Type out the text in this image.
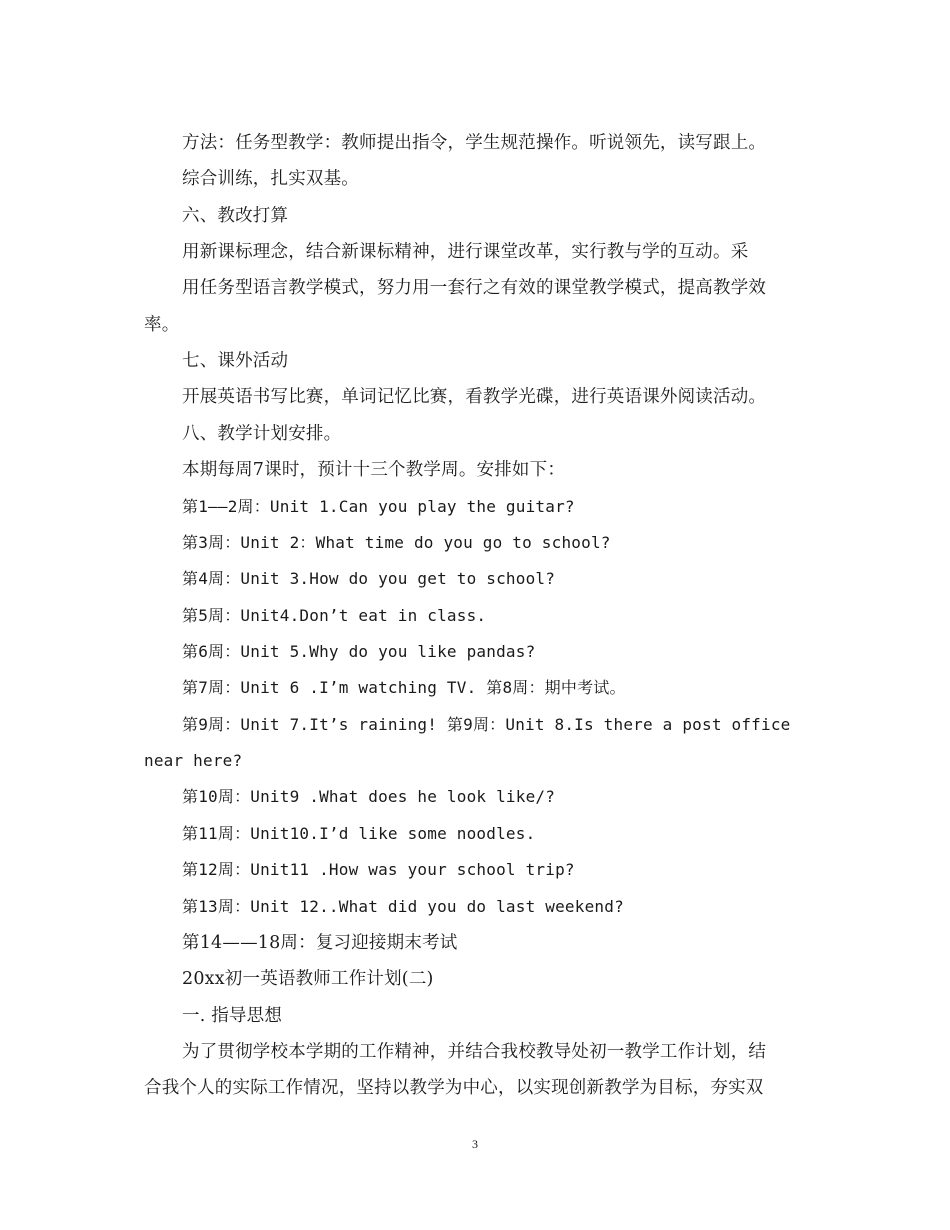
方法：任务型教学：教师提出指令，学生规范操作。听说领先，读写跟上。
综合训练，扎实双基。
六、教改打算
用新课标理念，结合新课标精神，进行课堂改革，实行教与学的互动。采
用任务型语言教学模式，努力用一套行之有效的课堂教学模式，提高教学效
率。
七、课外活动
开展英语书写比赛，单词记忆比赛，看教学光碟，进行英语课外阅读活动。
八、教学计划安排。
本期每周7课时，预计十三个教学周。安排如下：
第1——2周：Unit 1.Can you play the guitar?
第3周：Unit 2：What time do you go to school?
第4周：Unit 3.How do you get to school?
第5周：Unit4.Don’t eat in class.
第6周：Unit 5.Why do you like pandas?
第7周：Unit 6 .I’m watching TV. 第8周：期中考试。
第9周：Unit 7.It’s raining! 第9周：Unit 8.Is there a post office
near here?
第10周：Unit9 .What does he look like/?
第11周：Unit10.I’d like some noodles.
第12周：Unit11 .How was your school trip?
第13周：Unit 12..What did you do last weekend?
第14——18周：复习迎接期末考试
20xx初一英语教师工作计划(二)
一. 指导思想
为了贯彻学校本学期的工作精神，并结合我校教导处初一教学工作计划，结
合我个人的实际工作情况，坚持以教学为中心，以实现创新教学为目标，夯实双
3
